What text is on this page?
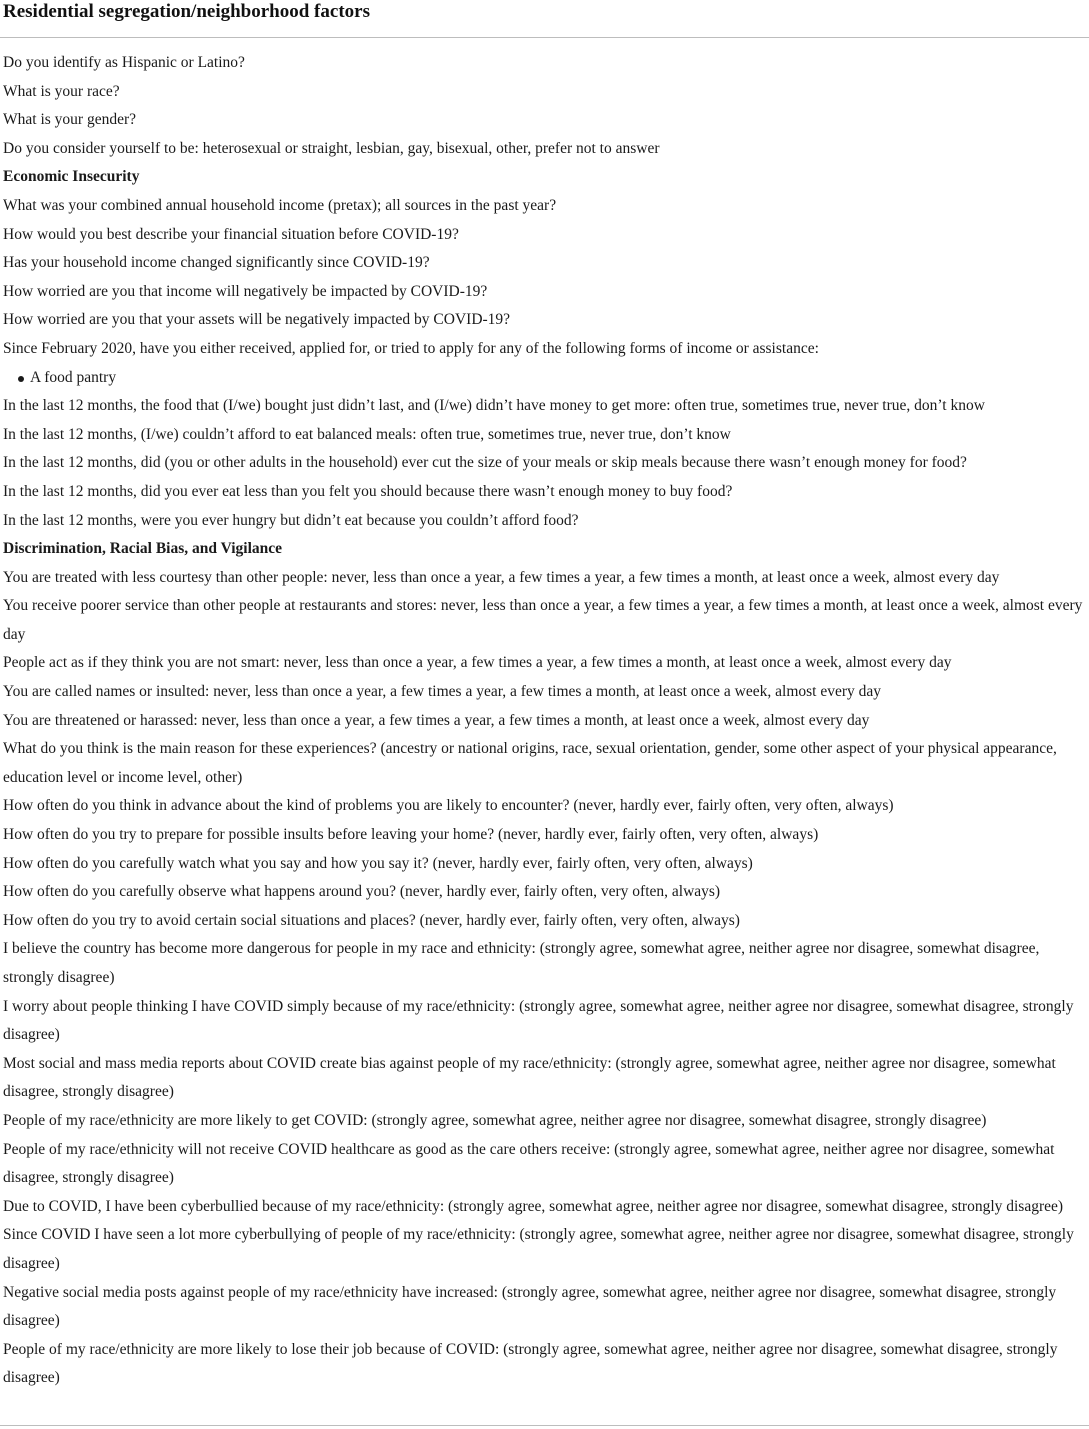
Residential segregation/neighborhood factors
Do you identify as Hispanic or Latino?
What is your race?
What is your gender?
Do you consider yourself to be: heterosexual or straight, lesbian, gay, bisexual, other, prefer not to answer
Economic Insecurity
What was your combined annual household income (pretax); all sources in the past year?
How would you best describe your financial situation before COVID-19?
Has your household income changed significantly since COVID-19?
How worried are you that income will negatively be impacted by COVID-19?
How worried are you that your assets will be negatively impacted by COVID-19?
Since February 2020, have you either received, applied for, or tried to apply for any of the following forms of income or assistance:
A food pantry
In the last 12 months, the food that (I/we) bought just didn’t last, and (I/we) didn’t have money to get more: often true, sometimes true, never true, don’t know
In the last 12 months, (I/we) couldn’t afford to eat balanced meals: often true, sometimes true, never true, don’t know
In the last 12 months, did (you or other adults in the household) ever cut the size of your meals or skip meals because there wasn’t enough money for food?
In the last 12 months, did you ever eat less than you felt you should because there wasn’t enough money to buy food?
In the last 12 months, were you ever hungry but didn’t eat because you couldn’t afford food?
Discrimination, Racial Bias, and Vigilance
You are treated with less courtesy than other people: never, less than once a year, a few times a year, a few times a month, at least once a week, almost every day
You receive poorer service than other people at restaurants and stores: never, less than once a year, a few times a year, a few times a month, at least once a week, almost every day
People act as if they think you are not smart: never, less than once a year, a few times a year, a few times a month, at least once a week, almost every day
You are called names or insulted: never, less than once a year, a few times a year, a few times a month, at least once a week, almost every day
You are threatened or harassed: never, less than once a year, a few times a year, a few times a month, at least once a week, almost every day
What do you think is the main reason for these experiences? (ancestry or national origins, race, sexual orientation, gender, some other aspect of your physical appearance, education level or income level, other)
How often do you think in advance about the kind of problems you are likely to encounter? (never, hardly ever, fairly often, very often, always)
How often do you try to prepare for possible insults before leaving your home? (never, hardly ever, fairly often, very often, always)
How often do you carefully watch what you say and how you say it? (never, hardly ever, fairly often, very often, always)
How often do you carefully observe what happens around you? (never, hardly ever, fairly often, very often, always)
How often do you try to avoid certain social situations and places? (never, hardly ever, fairly often, very often, always)
I believe the country has become more dangerous for people in my race and ethnicity: (strongly agree, somewhat agree, neither agree nor disagree, somewhat disagree, strongly disagree)
I worry about people thinking I have COVID simply because of my race/ethnicity: (strongly agree, somewhat agree, neither agree nor disagree, somewhat disagree, strongly disagree)
Most social and mass media reports about COVID create bias against people of my race/ethnicity: (strongly agree, somewhat agree, neither agree nor disagree, somewhat disagree, strongly disagree)
People of my race/ethnicity are more likely to get COVID: (strongly agree, somewhat agree, neither agree nor disagree, somewhat disagree, strongly disagree)
People of my race/ethnicity will not receive COVID healthcare as good as the care others receive: (strongly agree, somewhat agree, neither agree nor disagree, somewhat disagree, strongly disagree)
Due to COVID, I have been cyberbullied because of my race/ethnicity: (strongly agree, somewhat agree, neither agree nor disagree, somewhat disagree, strongly disagree)
Since COVID I have seen a lot more cyberbullying of people of my race/ethnicity: (strongly agree, somewhat agree, neither agree nor disagree, somewhat disagree, strongly disagree)
Negative social media posts against people of my race/ethnicity have increased: (strongly agree, somewhat agree, neither agree nor disagree, somewhat disagree, strongly disagree)
People of my race/ethnicity are more likely to lose their job because of COVID: (strongly agree, somewhat agree, neither agree nor disagree, somewhat disagree, strongly disagree)
